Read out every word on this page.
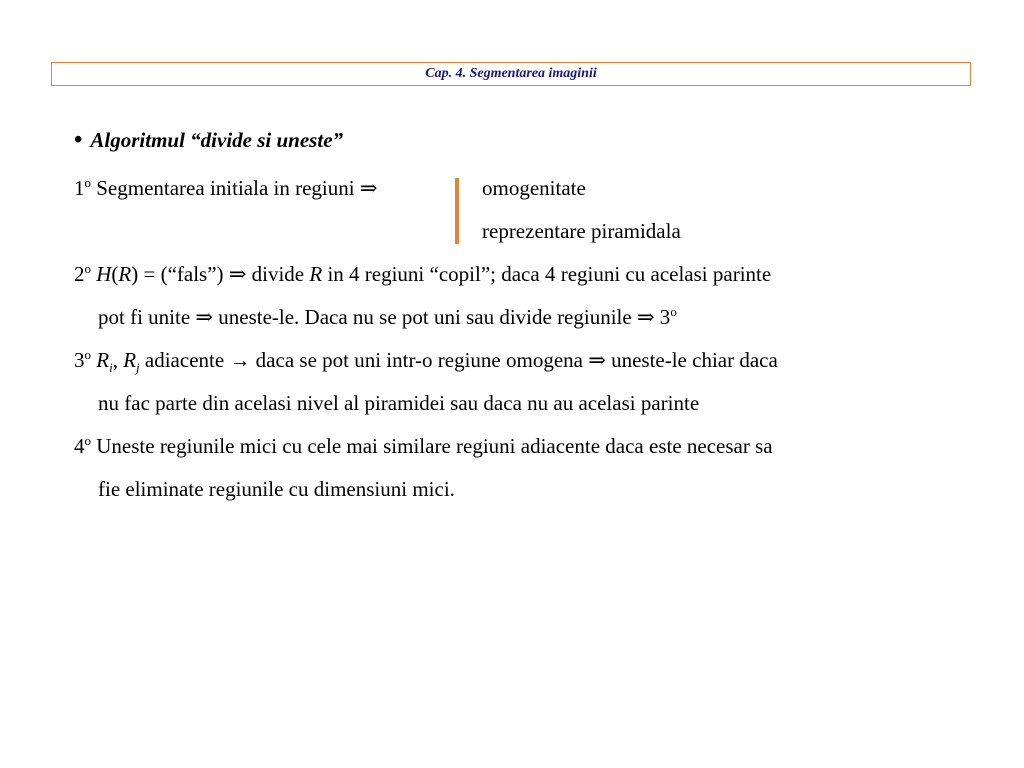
Cap. 4. Segmentarea imaginii
• Algoritmul “divide si uneste”
1$^o$ Segmentarea initiala in regiuni ⇒	omogenitate
reprezentare piramidala
2$^o$ H(R) = (“fals”) ⇒ divide R in 4 regiuni “copil”; daca 4 regiuni cu acelasi parinte
pot fi unite ⇒ uneste-le. Daca nu se pot uni sau divide regiunile ⇒ 3$^o$
3$^o$ $R_i$, $R_j$ adiacente → daca se pot uni intr-o regiune omogena ⇒ uneste-le chiar daca
nu fac parte din acelasi nivel al piramidei sau daca nu au acelasi parinte
4$^o$ Uneste regiunile mici cu cele mai similare regiuni adiacente daca este necesar sa
fie eliminate regiunile cu dimensiuni mici.
